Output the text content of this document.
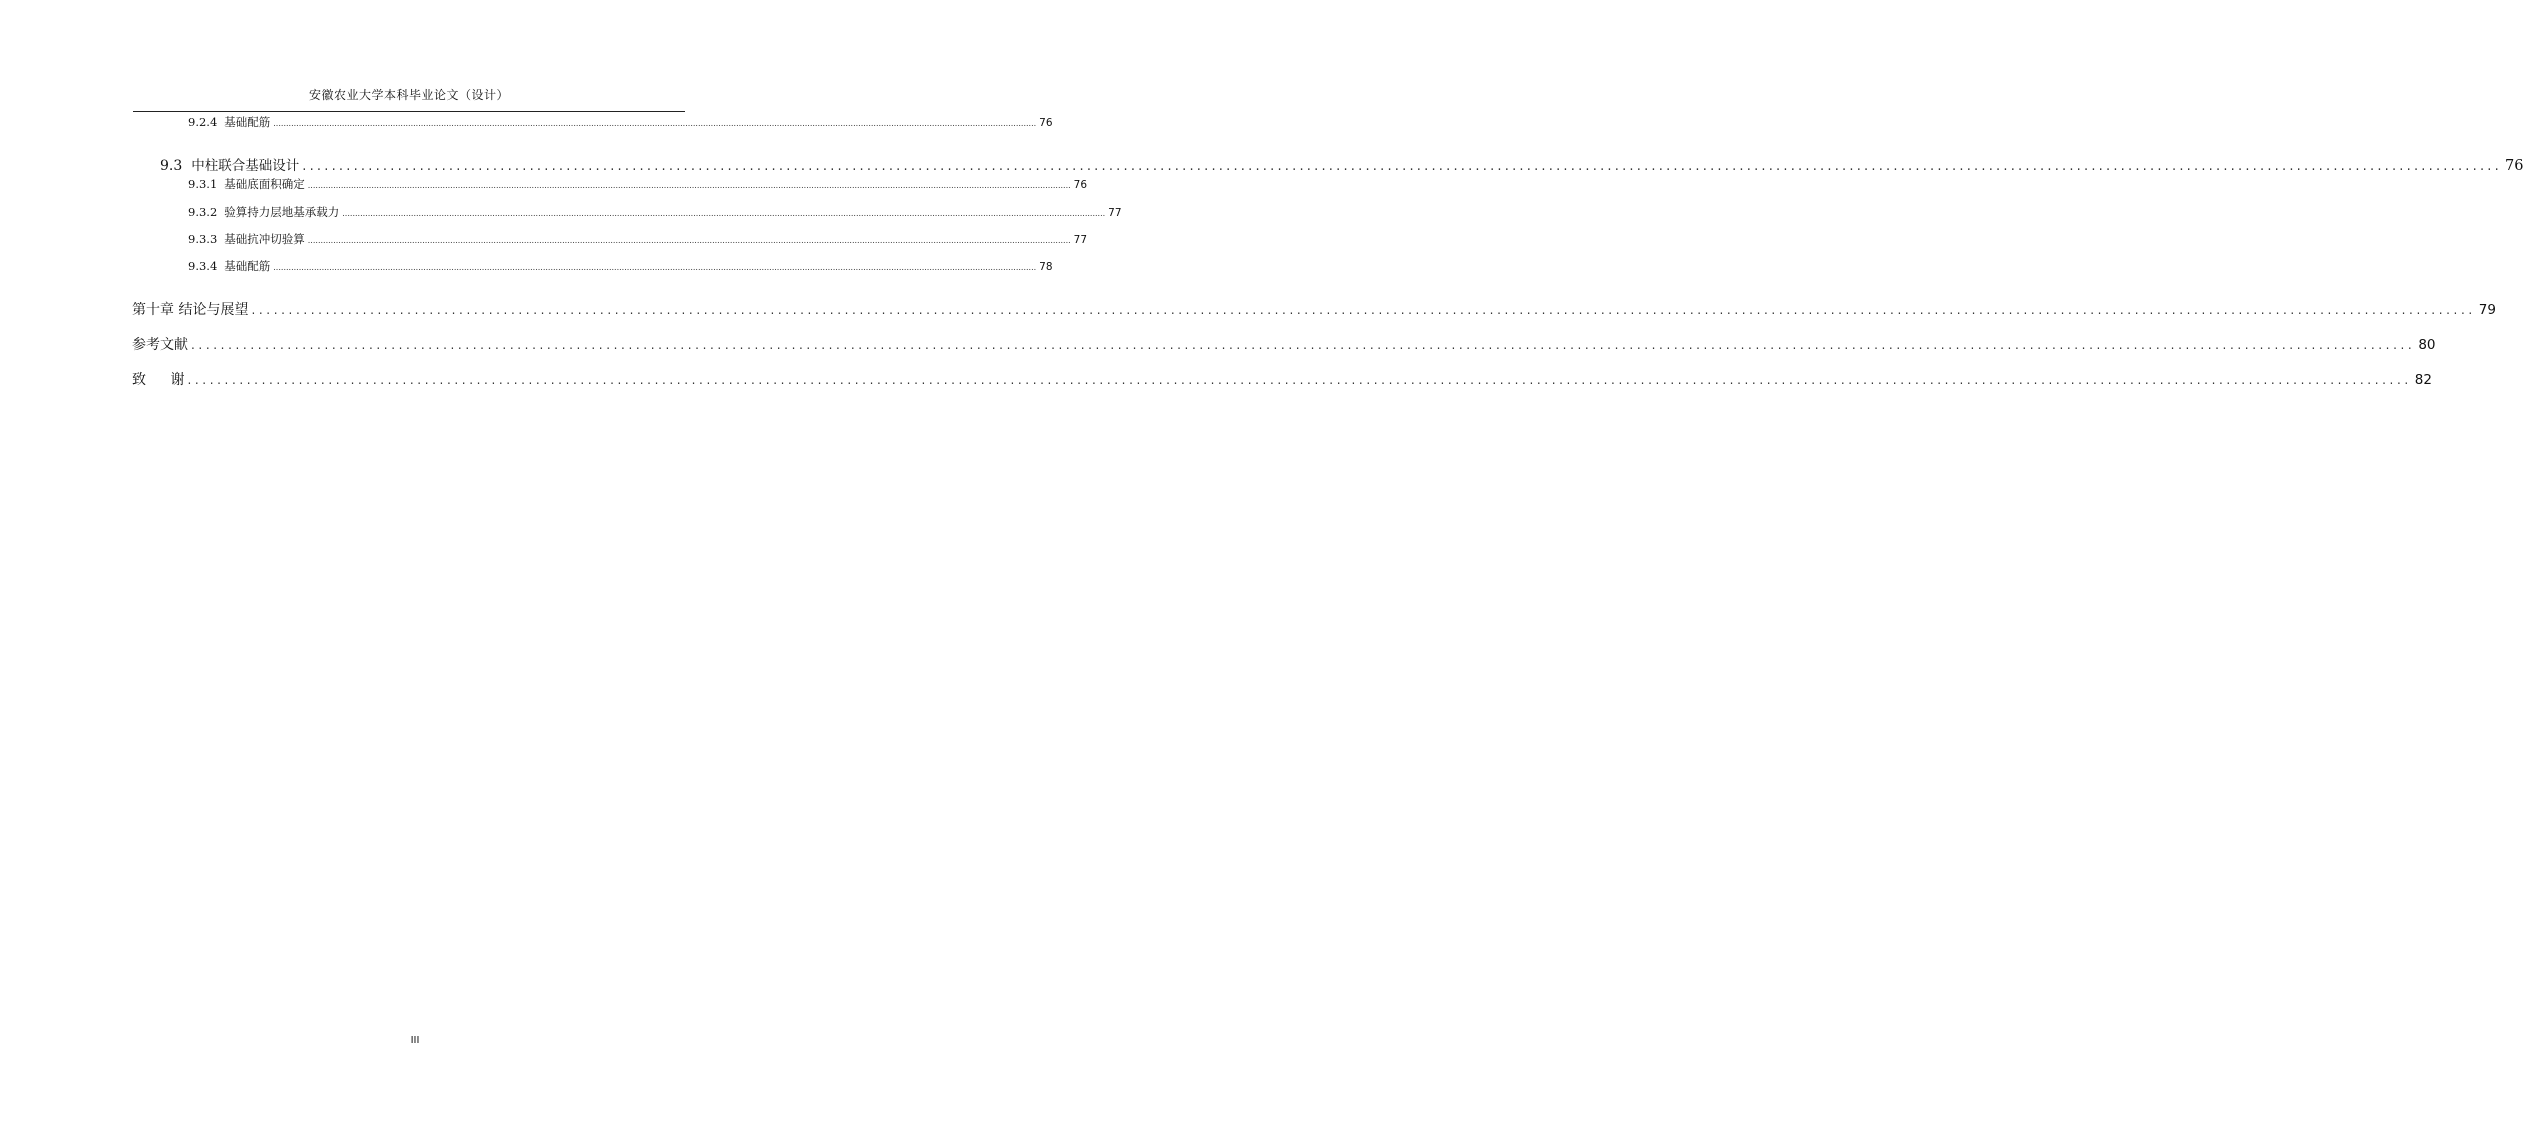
安徽农业大学本科毕业论文（设计）
9.2.4 基础配筋 ............................................................................................................................................................................................................................................................................................................ 76
9.3 中柱联合基础设计 ............................................................................................................................................................................................................................................................................................................ 76
9.3.1 基础底面积确定 ............................................................................................................................................................................................................................................................................................................ 76
9.3.2 验算持力层地基承载力 ............................................................................................................................................................................................................................................................................................................ 77
9.3.3 基础抗冲切验算 ............................................................................................................................................................................................................................................................................................................ 77
9.3.4 基础配筋 ............................................................................................................................................................................................................................................................................................................ 78
第十章 结论与展望 ............................................................................................................................................................................................................................................................................................................ 79
参考文献 ............................................................................................................................................................................................................................................................................................................ 80
致 谢 ............................................................................................................................................................................................................................................................................................................ 82
III
